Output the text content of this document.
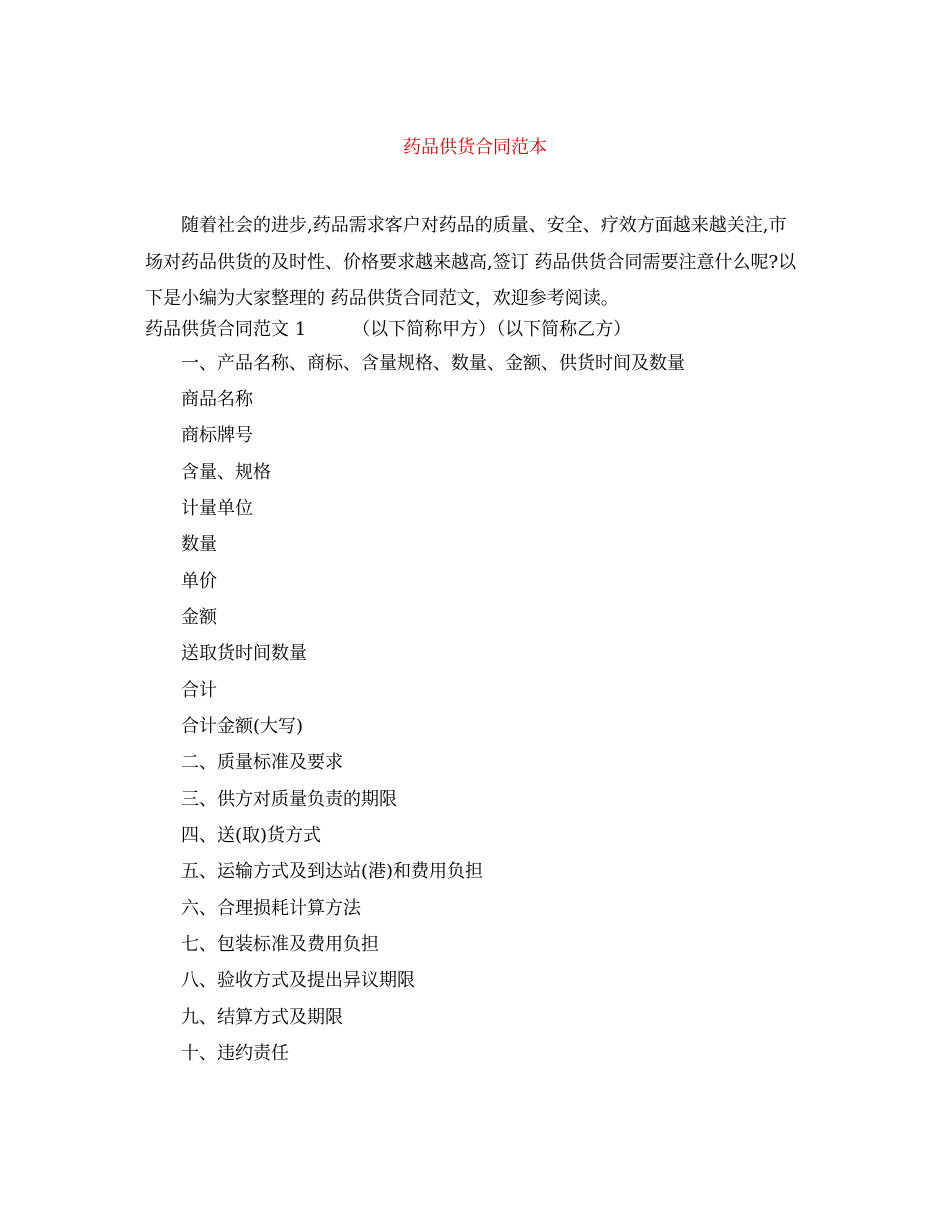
药品供货合同范本
随着社会的进步,药品需求客户对药品的质量、安全、疗效方面越来越关注,市场对药品供货的及时性、价格要求越来越高,签订 药品供货合同需要注意什么呢?以下是小编为大家整理的 药品供货合同范文，欢迎参考阅读。
药品供货合同范文 1	（以下简称甲方）（以下简称乙方）
一、产品名称、商标、含量规格、数量、金额、供货时间及数量
商品名称
商标牌号
含量、规格
计量单位
数量
单价
金额
送取货时间数量
合计
合计金额(大写)
二、质量标准及要求
三、供方对质量负责的期限
四、送(取)货方式
五、运输方式及到达站(港)和费用负担
六、合理损耗计算方法
七、包装标准及费用负担
八、验收方式及提出异议期限
九、结算方式及期限
十、违约责任
